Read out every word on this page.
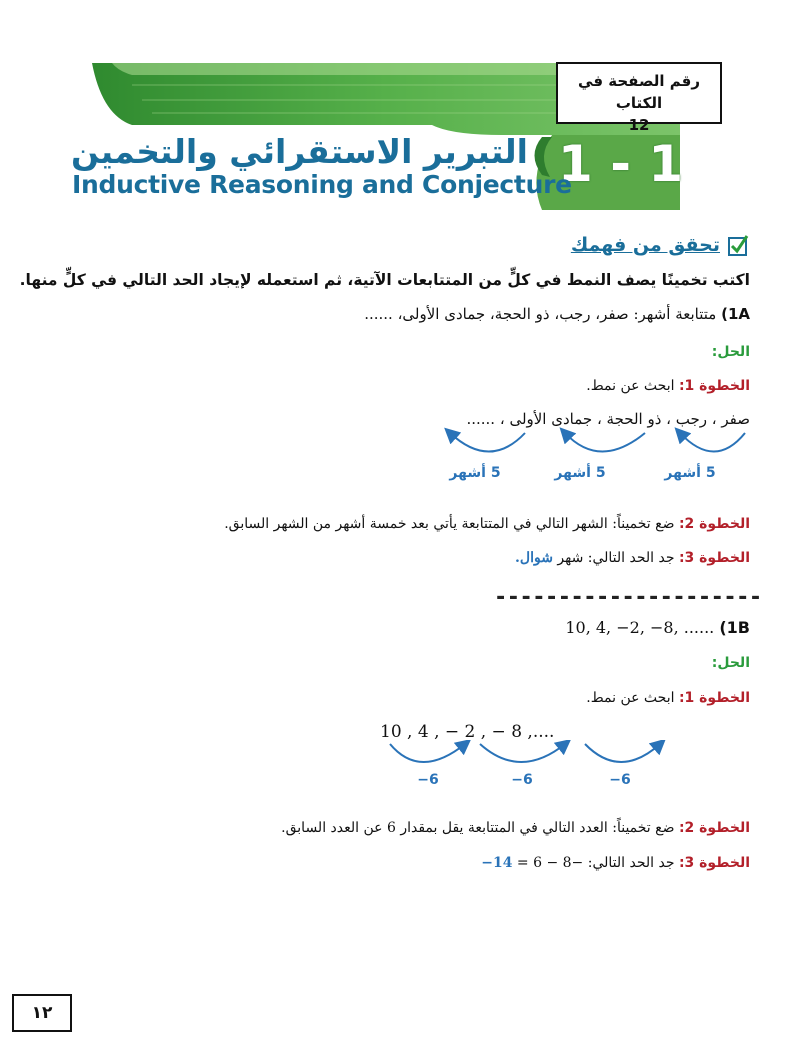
1 - 1
رقم الصفحة في الكتاب
12
التبرير الاستقرائي والتخمين
Inductive Reasoning and Conjecture
تحقق من فهمك
اكتب تخمينًا يصف النمط في كلٍّ من المتتابعات الآتية، ثم استعمله لإيجاد الحد التالي في كلٍّ منها.
1A) متتابعة أشهر: صفر، رجب، ذو الحجة، جمادى الأولى، ......
الحل:
الخطوة 1: ابحث عن نمط.
صفر ، رجب ، ذو الحجة ، جمادى الأولى ، ......
5 أشهر
5 أشهر
5 أشهر
الخطوة 2: ضع تخميناً: الشهر التالي في المتتابعة يأتي بعد خمسة أشهر من الشهر السابق.
الخطوة 3: جد الحد التالي: شهر شوال.
---------------------
10, 4, −2, −8, ...... (1B
الحل:
الخطوة 1: ابحث عن نمط.
10 , 4 , − 2 , − 8 ,....
−6	−6	−6
الخطوة 2: ضع تخميناً: العدد التالي في المتتابعة يقل بمقدار 6 عن العدد السابق.
الخطوة 3: جد الحد التالي: −14 = 6 − 8−
١٢
